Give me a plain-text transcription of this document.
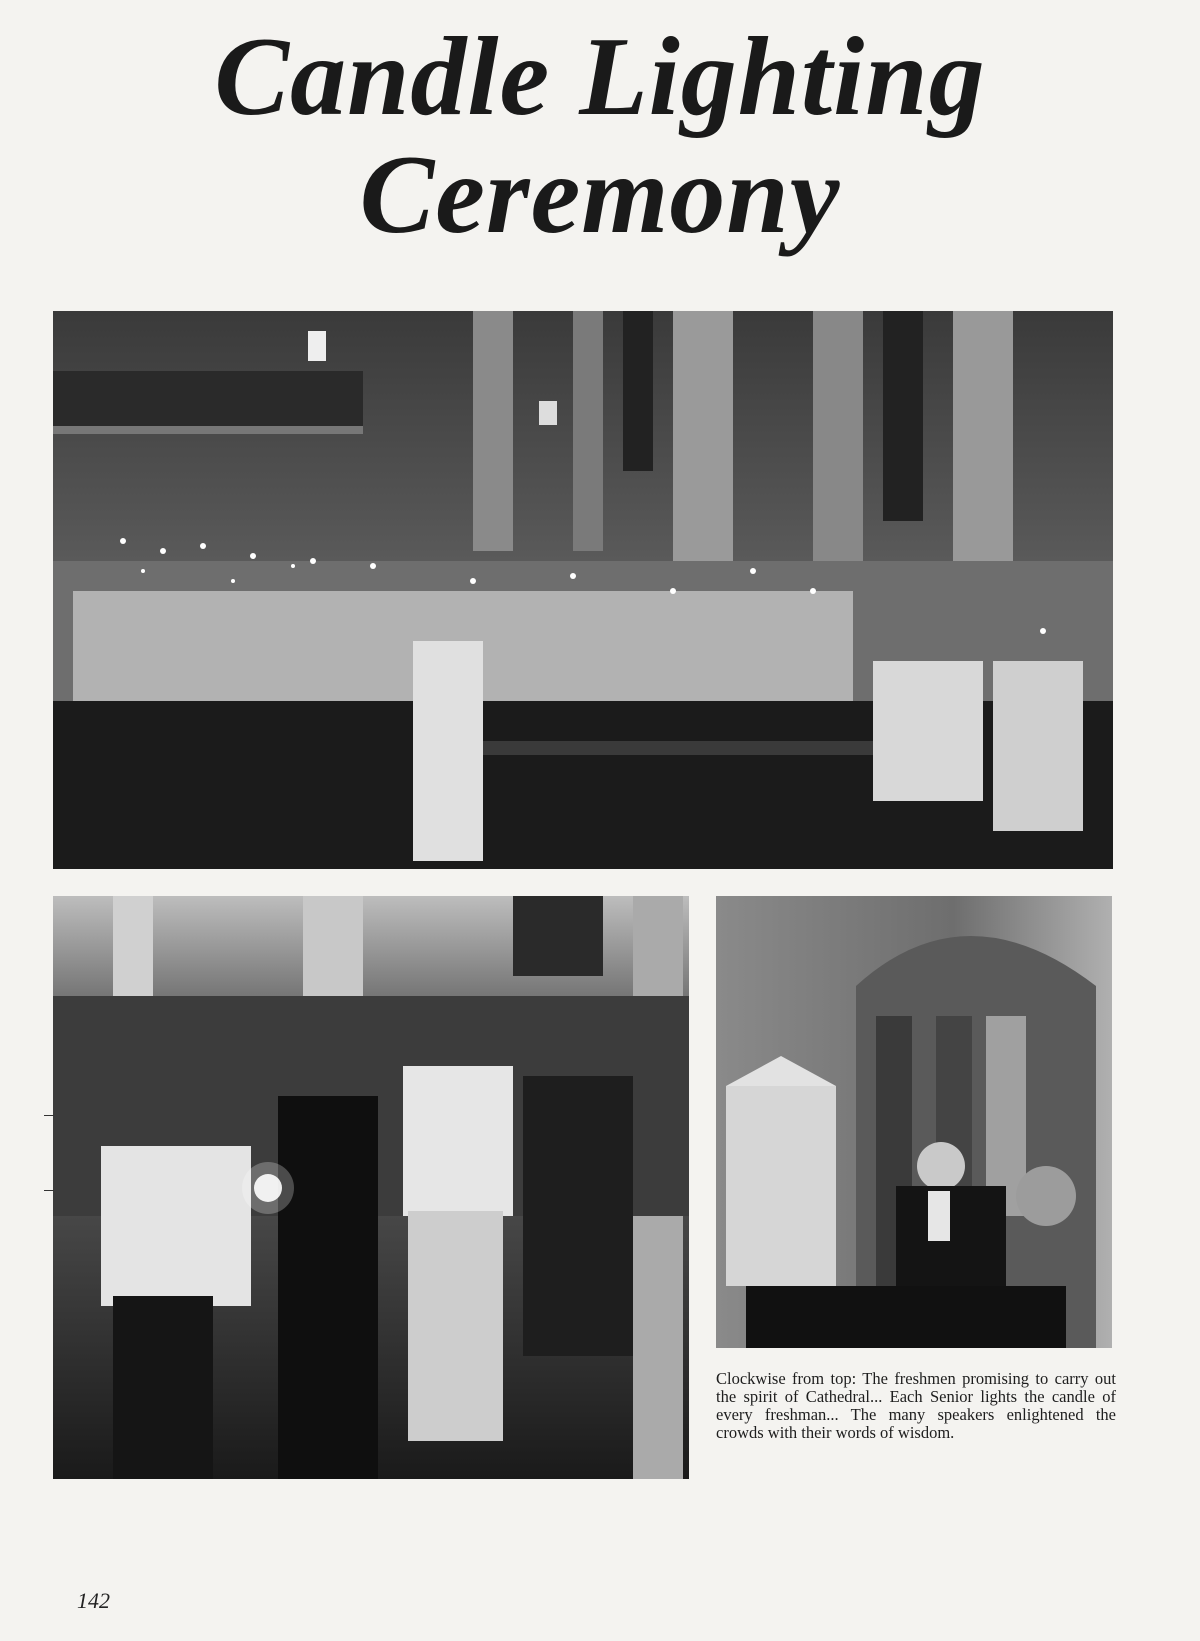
Candle Lighting
Ceremony
Clockwise from top: The freshmen promising to carry out the spirit of Cathedral... Each Senior lights the candle of every freshman... The many speakers enlightened the crowds with their words of wisdom.
142
